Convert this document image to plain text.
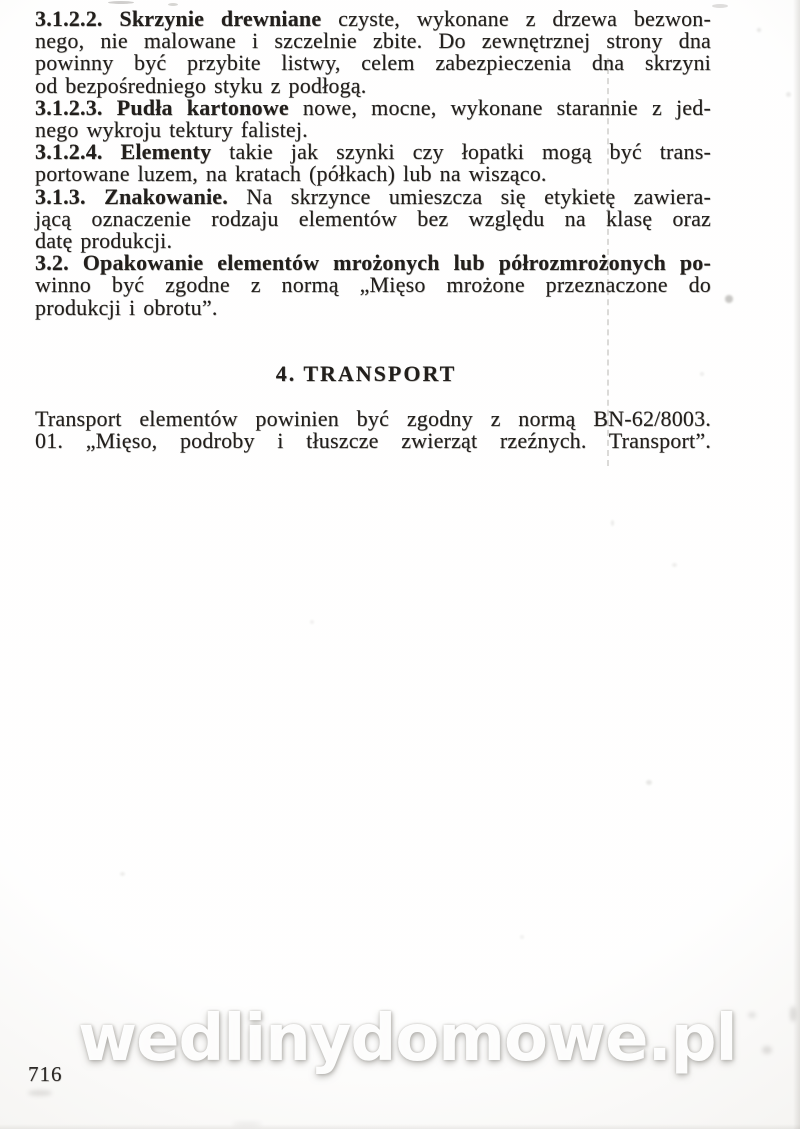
3.1.2.2. Skrzynie drewniane czyste, wykonane z drzewa bezwon-
nego, nie malowane i szczelnie zbite. Do zewnętrznej strony dna
powinny być przybite listwy, celem zabezpieczenia dna skrzyni
od bezpośredniego styku z podłogą.
3.1.2.3. Pudła kartonowe nowe, mocne, wykonane starannie z jed-
nego wykroju tektury falistej.
3.1.2.4. Elementy takie jak szynki czy łopatki mogą być trans-
portowane luzem, na kratach (półkach) lub na wisząco.
3.1.3. Znakowanie. Na skrzynce umieszcza się etykietę zawiera-
jącą oznaczenie rodzaju elementów bez względu na klasę oraz
datę produkcji.
3.2. Opakowanie elementów mrożonych lub półrozmrożonych po-
winno być zgodne z normą „Mięso mrożone przeznaczone do
produkcji i obrotu”.
4. TRANSPORT
Transport elementów powinien być zgodny z normą BN-62/8003.
01. „Mięso, podroby i tłuszcze zwierząt rzeźnych. Transport”.
wedlinydomowe.pl
716
